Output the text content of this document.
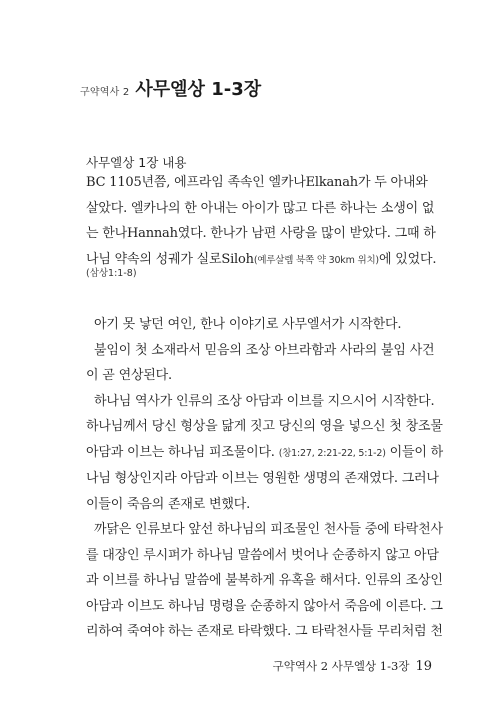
구약역사 2 사무엘상 1-3장
사무엘상 1장 내용
BC 1105년쯤, 에프라임 족속인 엘카나Elkanah가 두 아내와
살았다. 엘카나의 한 아내는 아이가 많고 다른 하나는 소생이 없
는 한나Hannah였다. 한나가 남편 사랑을 많이 받았다. 그때 하
나님 약속의 성궤가 실로Siloh(예루살렘 북쪽 약 30km 위치)에 있었다.
(삼상1:1-8)
아기 못 낳던 여인, 한나 이야기로 사무엘서가 시작한다.
불임이 첫 소재라서 믿음의 조상 아브라함과 사라의 불임 사건
이 곧 연상된다.
하나님 역사가 인류의 조상 아담과 이브를 지으시어 시작한다.
하나님께서 당신 형상을 닮게 짓고 당신의 영을 넣으신 첫 창조물
아담과 이브는 하나님 피조물이다. (창1:27, 2:21-22, 5:1-2) 이들이 하
나님 형상인지라 아담과 이브는 영원한 생명의 존재였다. 그러나
이들이 죽음의 존재로 변했다.
까닭은 인류보다 앞선 하나님의 피조물인 천사들 중에 타락천사
를 대장인 루시퍼가 하나님 말씀에서 벗어나 순종하지 않고 아담
과 이브를 하나님 말씀에 불복하게 유혹을 해서다. 인류의 조상인
아담과 이브도 하나님 명령을 순종하지 않아서 죽음에 이른다. 그
리하여 죽여야 하는 존재로 타락했다. 그 타락천사들 무리처럼 천
구약역사 2 사무엘상 1-3장 19
